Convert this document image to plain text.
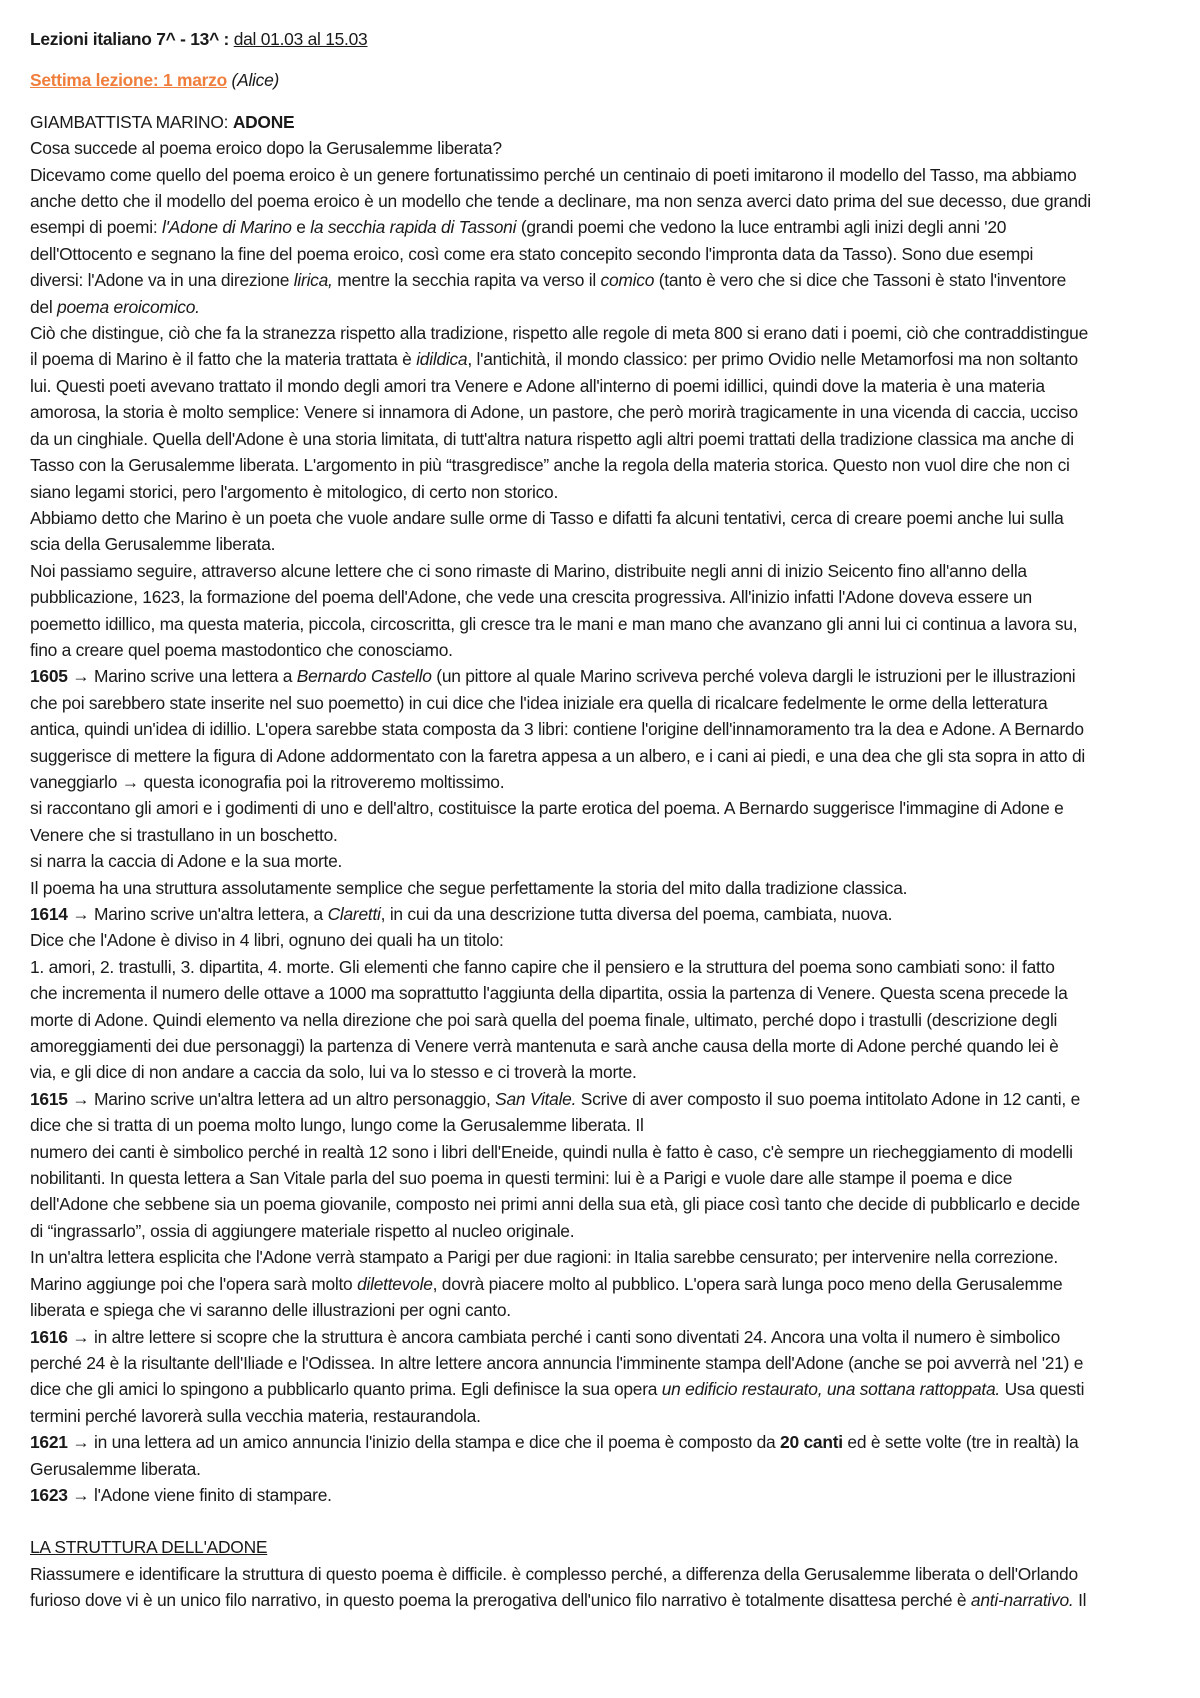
Lezioni italiano 7^ - 13^ : dal 01.03 al 15.03
Settima lezione: 1 marzo (Alice)
GIAMBATTISTA MARINO: ADONE
Cosa succede al poema eroico dopo la Gerusalemme liberata?
Dicevamo come quello del poema eroico è un genere fortunatissimo perché un centinaio di poeti imitarono il modello del Tasso, ma abbiamo
anche detto che il modello del poema eroico è un modello che tende a declinare, ma non senza averci dato prima del sue decesso, due grandi
esempi di poemi: l'Adone di Marino e la secchia rapida di Tassoni (grandi poemi che vedono la luce entrambi agli inizi degli anni '20
dell'Ottocento e segnano la fine del poema eroico, così come era stato concepito secondo l'impronta data da Tasso). Sono due esempi
diversi: l'Adone va in una direzione lirica, mentre la secchia rapita va verso il comico (tanto è vero che si dice che Tassoni è stato l'inventore
del poema eroicomico.
Ciò che distingue, ciò che fa la stranezza rispetto alla tradizione, rispetto alle regole di meta 800 si erano dati i poemi, ciò che contraddistingue
il poema di Marino è il fatto che la materia trattata è idildica, l'antichità, il mondo classico: per primo Ovidio nelle Metamorfosi ma non soltanto
lui. Questi poeti avevano trattato il mondo degli amori tra Venere e Adone all'interno di poemi idillici, quindi dove la materia è una materia
amorosa, la storia è molto semplice: Venere si innamora di Adone, un pastore, che però morirà tragicamente in una vicenda di caccia, ucciso
da un cinghiale. Quella dell'Adone è una storia limitata, di tutt'altra natura rispetto agli altri poemi trattati della tradizione classica ma anche di
Tasso con la Gerusalemme liberata. L'argomento in più “trasgredisce” anche la regola della materia storica. Questo non vuol dire che non ci
siano legami storici, pero l'argomento è mitologico, di certo non storico.
Abbiamo detto che Marino è un poeta che vuole andare sulle orme di Tasso e difatti fa alcuni tentativi, cerca di creare poemi anche lui sulla
scia della Gerusalemme liberata.
Noi passiamo seguire, attraverso alcune lettere che ci sono rimaste di Marino, distribuite negli anni di inizio Seicento fino all'anno della
pubblicazione, 1623, la formazione del poema dell'Adone, che vede una crescita progressiva. All'inizio infatti l'Adone doveva essere un
poemetto idillico, ma questa materia, piccola, circoscritta, gli cresce tra le mani e man mano che avanzano gli anni lui ci continua a lavora su,
fino a creare quel poema mastodontico che conosciamo.
1605 → Marino scrive una lettera a Bernardo Castello (un pittore al quale Marino scriveva perché voleva dargli le istruzioni per le illustrazioni
che poi sarebbero state inserite nel suo poemetto) in cui dice che l'idea iniziale era quella di ricalcare fedelmente le orme della letteratura
antica, quindi un'idea di idillio. L'opera sarebbe stata composta da 3 libri: contiene l'origine dell'innamoramento tra la dea e Adone. A Bernardo
suggerisce di mettere la figura di Adone addormentato con la faretra appesa a un albero, e i cani ai piedi, e una dea che gli sta sopra in atto di
vaneggiarlo → questa iconografia poi la ritroveremo moltissimo.
si raccontano gli amori e i godimenti di uno e dell'altro, costituisce la parte erotica del poema. A Bernardo suggerisce l'immagine di Adone e
Venere che si trastullano in un boschetto.
si narra la caccia di Adone e la sua morte.
Il poema ha una struttura assolutamente semplice che segue perfettamente la storia del mito dalla tradizione classica.
1614 → Marino scrive un'altra lettera, a Claretti, in cui da una descrizione tutta diversa del poema, cambiata, nuova.
Dice che l'Adone è diviso in 4 libri, ognuno dei quali ha un titolo:
1. amori, 2. trastulli, 3. dipartita, 4. morte. Gli elementi che fanno capire che il pensiero e la struttura del poema sono cambiati sono: il fatto
che incrementa il numero delle ottave a 1000 ma soprattutto l'aggiunta della dipartita, ossia la partenza di Venere. Questa scena precede la
morte di Adone. Quindi elemento va nella direzione che poi sarà quella del poema finale, ultimato, perché dopo i trastulli (descrizione degli
amoreggiamenti dei due personaggi) la partenza di Venere verrà mantenuta e sarà anche causa della morte di Adone perché quando lei è
via, e gli dice di non andare a caccia da solo, lui va lo stesso e ci troverà la morte.
1615 → Marino scrive un'altra lettera ad un altro personaggio, San Vitale. Scrive di aver composto il suo poema intitolato Adone in 12 canti, e
dice che si tratta di un poema molto lungo, lungo come la Gerusalemme liberata. Il
numero dei canti è simbolico perché in realtà 12 sono i libri dell'Eneide, quindi nulla è fatto è caso, c'è sempre un riecheggiamento di modelli
nobilitanti. In questa lettera a San Vitale parla del suo poema in questi termini: lui è a Parigi e vuole dare alle stampe il poema e dice
dell'Adone che sebbene sia un poema giovanile, composto nei primi anni della sua età, gli piace così tanto che decide di pubblicarlo e decide
di “ingrassarlo”, ossia di aggiungere materiale rispetto al nucleo originale.
In un'altra lettera esplicita che l'Adone verrà stampato a Parigi per due ragioni: in Italia sarebbe censurato; per intervenire nella correzione.
Marino aggiunge poi che l'opera sarà molto dilettevole, dovrà piacere molto al pubblico. L'opera sarà lunga poco meno della Gerusalemme
liberata e spiega che vi saranno delle illustrazioni per ogni canto.
1616 → in altre lettere si scopre che la struttura è ancora cambiata perché i canti sono diventati 24. Ancora una volta il numero è simbolico
perché 24 è la risultante dell'Iliade e l'Odissea. In altre lettere ancora annuncia l'imminente stampa dell'Adone (anche se poi avverrà nel '21) e
dice che gli amici lo spingono a pubblicarlo quanto prima. Egli definisce la sua opera un edificio restaurato, una sottana rattoppata. Usa questi
termini perché lavorerà sulla vecchia materia, restaurandola.
1621 → in una lettera ad un amico annuncia l'inizio della stampa e dice che il poema è composto da 20 canti ed è sette volte (tre in realtà) la
Gerusalemme liberata.
1623 → l'Adone viene finito di stampare.
LA STRUTTURA DELL'ADONE
Riassumere e identificare la struttura di questo poema è difficile. è complesso perché, a differenza della Gerusalemme liberata o dell'Orlando
furioso dove vi è un unico filo narrativo, in questo poema la prerogativa dell'unico filo narrativo è totalmente disattesa perché è anti-narrativo. Il
